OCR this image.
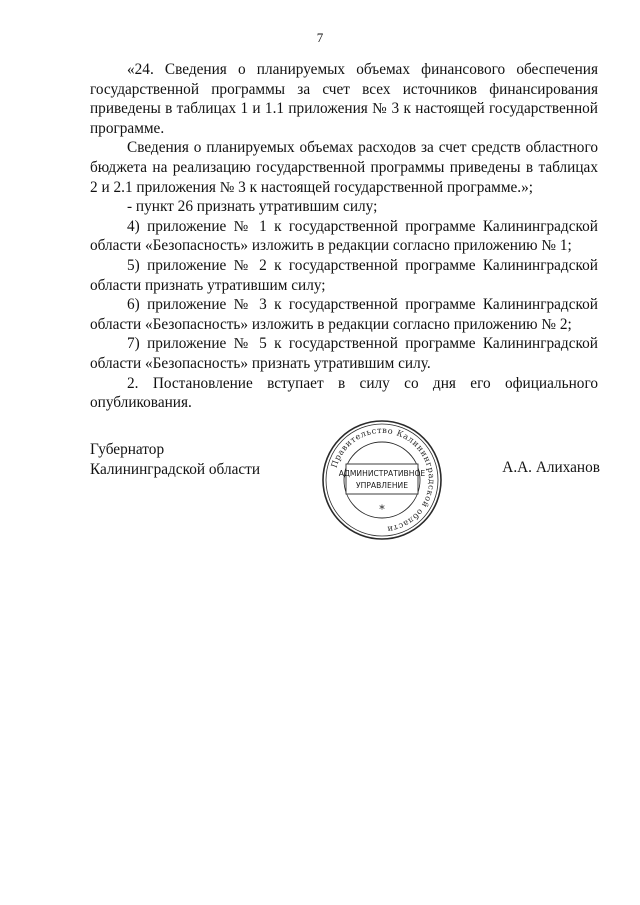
7

«24. Сведения о планируемых объемах финансового обеспечения государственной программы за счет всех источников финансирования приведены в таблицах 1 и 1.1 приложения № 3 к настоящей государственной программе.

Сведения о планируемых объемах расходов за счет средств областного бюджета на реализацию государственной программы приведены в таблицах 2 и 2.1 приложения № 3 к настоящей государственной программе.»;

- пункт 26 признать утратившим силу;

4) приложение № 1 к государственной программе Калининградской области «Безопасность» изложить в редакции согласно приложению № 1;

5) приложение № 2 к государственной программе Калининградской области признать утратившим силу;

6) приложение № 3 к государственной программе Калининградской области «Безопасность» изложить в редакции согласно приложению № 2;

7) приложение № 5 к государственной программе Калининградской области «Безопасность» признать утратившим силу.

2. Постановление вступает в силу со дня его официального опубликования.

Губернатор
Калининградской области	Правительство Калининградской области
АДМИНИСТРАТИВНОЕ
УПРАВЛЕНИЕ
*
А.А. Алиханов
